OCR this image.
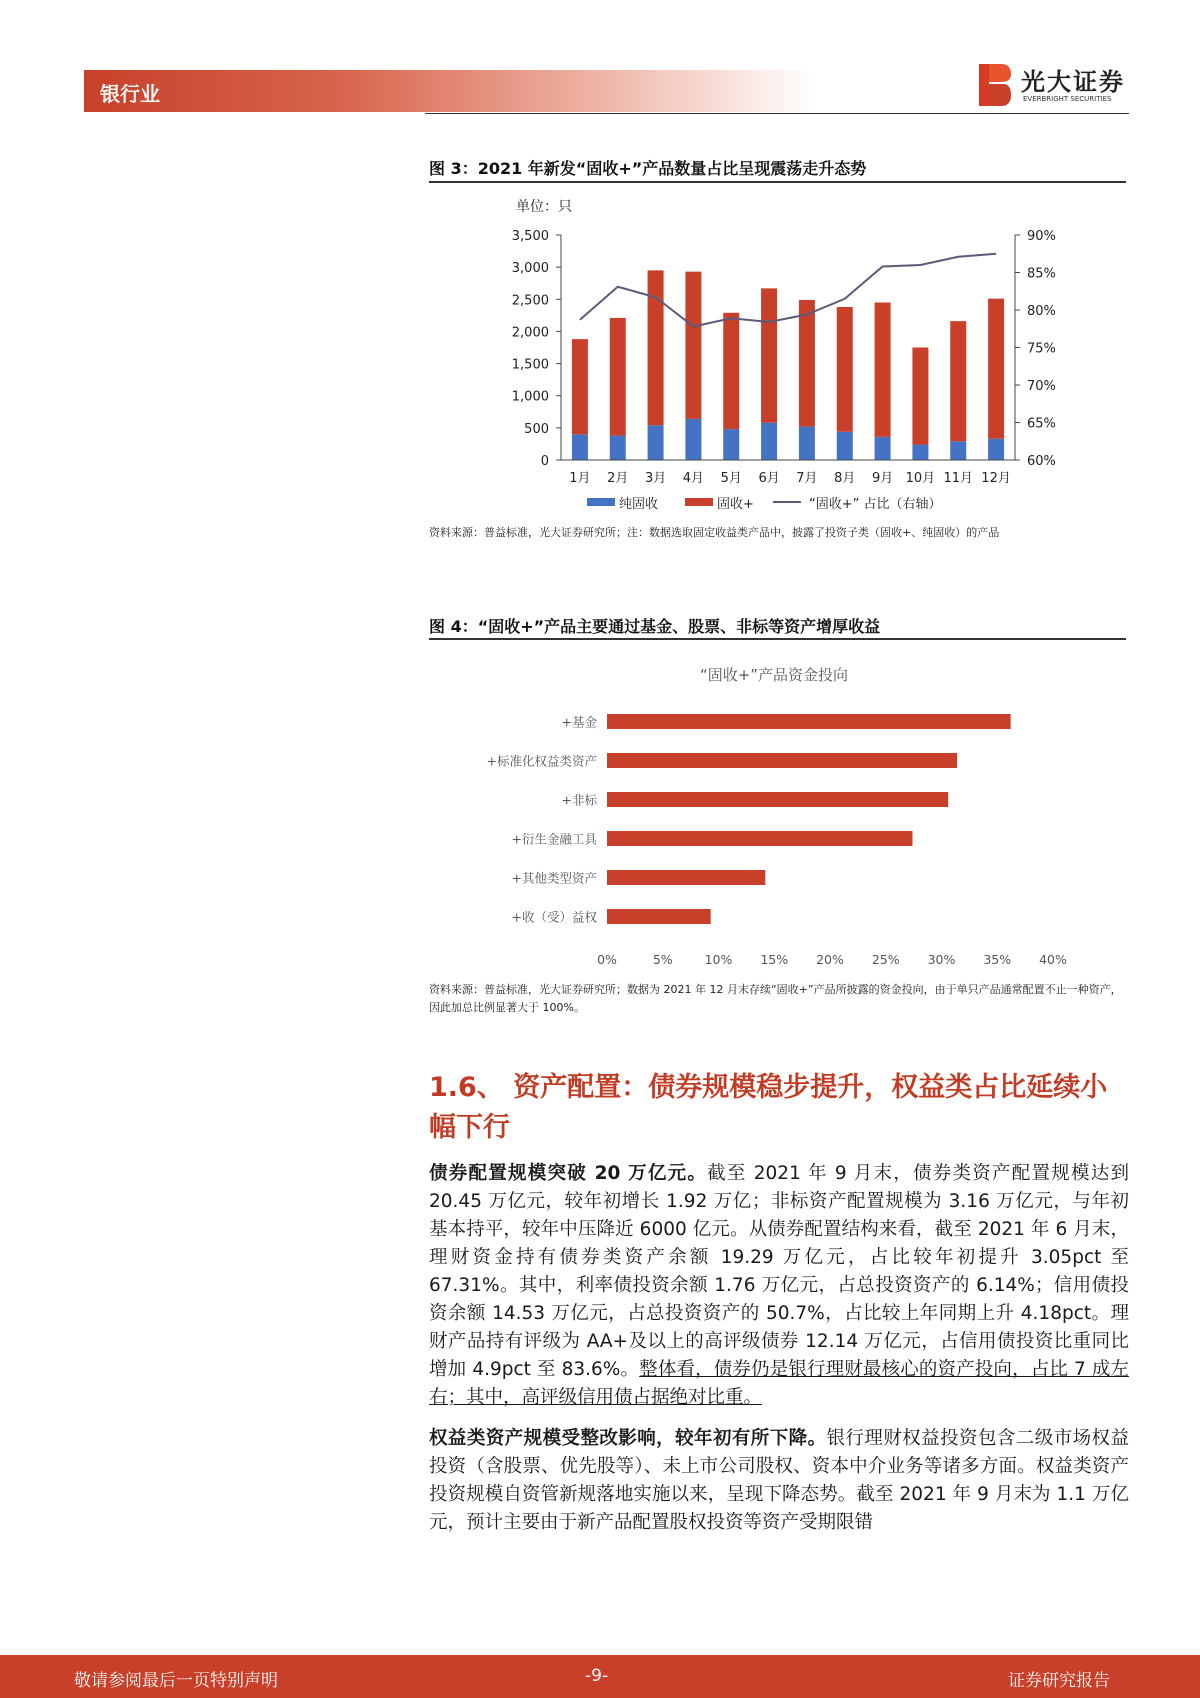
银行业	光大证券
EVERBRIGHT SECURITIES
图 3：2021 年新发“固收+”产品数量占比呈现震荡走升态势
单位：只
0
500
1,000
1,500
2,000
2,500
3,000
3,500
60%
65%
70%
75%
80%
85%
90%
1月 2月 3月 4月 5月 6月 7月 8月 9月 10月 11月 12月
纯固收	固收+	“固收+” 占比（右轴）
资料来源：普益标准，光大证券研究所；注：数据选取固定收益类产品中，披露了投资子类（固收+、纯固收）的产品
图 4：“固收+”产品主要通过基金、股票、非标等资产增厚收益
“固收+”产品资金投向
+基金
+标准化权益类资产
+非标
+衍生金融工具
+其他类型资产
+收（受）益权
0%	5%	10% 15% 20% 25% 30% 35% 40%
资料来源：普益标准，光大证券研究所；数据为 2021 年 12 月末存续“固收+”产品所披露的资金投向，由于单只产品通常配置不止一种资产，因此加总比例显著大于 100%。
1.6、 资产配置：债券规模稳步提升，权益类占比延续小幅下行

债券配置规模突破 20 万亿元。截至 2021 年 9 月末，债券类资产配置规模达到 20.45 万亿元，较年初增长 1.92 万亿；非标资产配置规模为 3.16 万亿元，与年初基本持平，较年中压降近 6000 亿元。从债券配置结构来看，截至 2021 年 6 月末，理财资金持有债券类资产余额 19.29 万亿元，占比较年初提升 3.05pct 至 67.31%。其中，利率债投资余额 1.76 万亿元，占总投资资产的 6.14%；信用债投资余额 14.53 万亿元，占总投资资产的 50.7%，占比较上年同期上升 4.18pct。理财产品持有评级为 AA+及以上的高评级债券 12.14 万亿元，占信用债投资比重同比增加 4.9pct 至 83.6%。整体看，债券仍是银行理财最核心的资产投向，占比 7 成左右；其中，高评级信用债占据绝对比重。

权益类资产规模受整改影响，较年初有所下降。银行理财权益投资包含二级市场权益投资（含股票、优先股等）、未上市公司股权、资本中介业务等诸多方面。权益类资产投资规模自资管新规落地实施以来，呈现下降态势。截至 2021 年 9 月末为 1.1 万亿元，预计主要由于新产品配置股权投资等资产受期限错

敬请参阅最后一页特别声明	-9-	证券研究报告
